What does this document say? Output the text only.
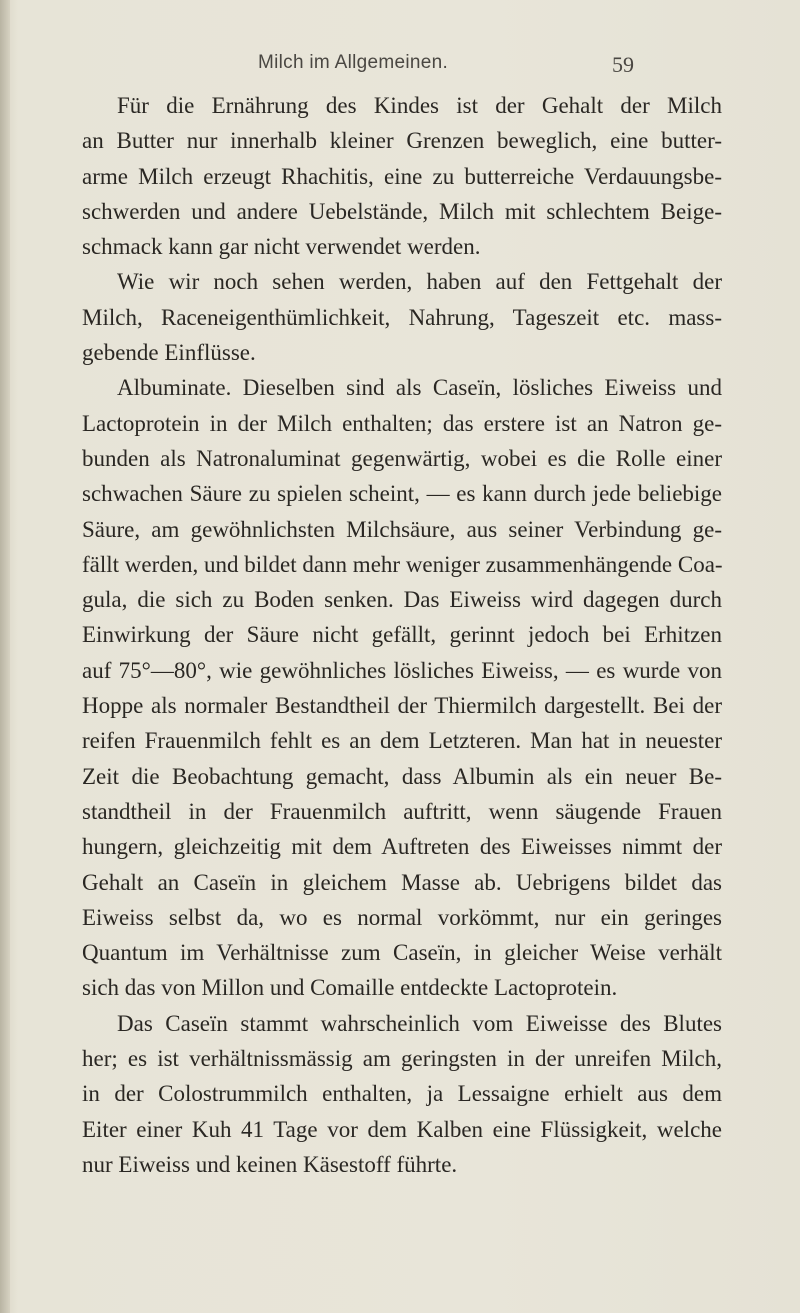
Milch im Allgemeinen.	59
Für die Ernährung des Kindes ist der Gehalt der Milch
an Butter nur innerhalb kleiner Grenzen beweglich, eine butter-
arme Milch erzeugt Rhachitis, eine zu butterreiche Verdauungsbe-
schwerden und andere Uebelstände, Milch mit schlechtem Beige-
schmack kann gar nicht verwendet werden.
Wie wir noch sehen werden, haben auf den Fettgehalt der
Milch, Raceneigenthümlichkeit, Nahrung, Tageszeit etc. mass-
gebende Einflüsse.
Albuminate. Dieselben sind als Caseïn, lösliches Eiweiss und
Lactoprotein in der Milch enthalten; das erstere ist an Natron ge-
bunden als Natronaluminat gegenwärtig, wobei es die Rolle einer
schwachen Säure zu spielen scheint, — es kann durch jede beliebige
Säure, am gewöhnlichsten Milchsäure, aus seiner Verbindung ge-
fällt werden, und bildet dann mehr weniger zusammenhängende Coa-
gula, die sich zu Boden senken. Das Eiweiss wird dagegen durch
Einwirkung der Säure nicht gefällt, gerinnt jedoch bei Erhitzen
auf 75°—80°, wie gewöhnliches lösliches Eiweiss, — es wurde von
Hoppe als normaler Bestandtheil der Thiermilch dargestellt. Bei der
reifen Frauenmilch fehlt es an dem Letzteren. Man hat in neuester
Zeit die Beobachtung gemacht, dass Albumin als ein neuer Be-
standtheil in der Frauenmilch auftritt, wenn säugende Frauen
hungern, gleichzeitig mit dem Auftreten des Eiweisses nimmt der
Gehalt an Caseïn in gleichem Masse ab. Uebrigens bildet das
Eiweiss selbst da, wo es normal vorkömmt, nur ein geringes
Quantum im Verhältnisse zum Caseïn, in gleicher Weise verhält
sich das von Millon und Comaille entdeckte Lactoprotein.
Das Caseïn stammt wahrscheinlich vom Eiweisse des Blutes
her; es ist verhältnissmässig am geringsten in der unreifen Milch,
in der Colostrummilch enthalten, ja Lessaigne erhielt aus dem
Eiter einer Kuh 41 Tage vor dem Kalben eine Flüssigkeit, welche
nur Eiweiss und keinen Käsestoff führte.
